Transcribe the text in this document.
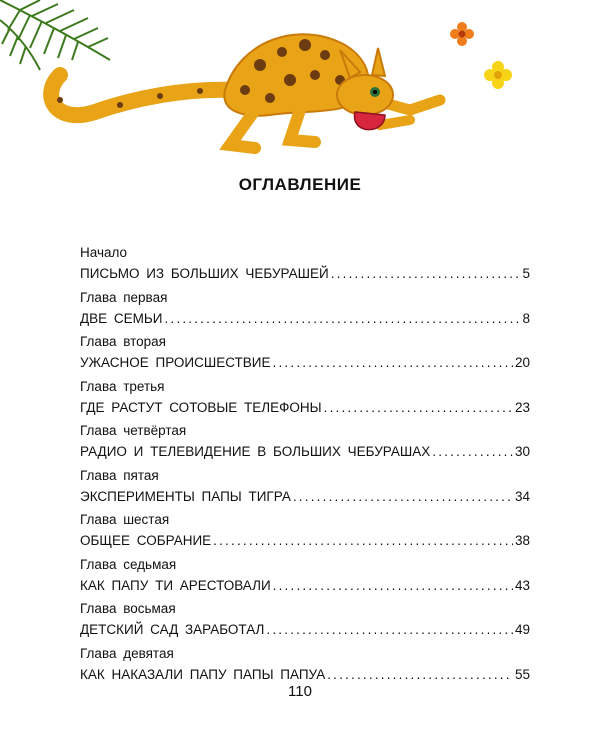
ОГЛАВЛЕНИЕ
Начало
ПИСЬМО ИЗ БОЛЬШИХ ЧЕБУРАШЕЙ .....	5
Глава первая
ДВЕ СЕМЬИ .....	8
Глава вторая
УЖАСНОЕ ПРОИСШЕСТВИЕ .....	20
Глава третья
ГДЕ РАСТУТ СОТОВЫЕ ТЕЛЕФОНЫ .....	23
Глава четвёртая
РАДИО И ТЕЛЕВИДЕНИЕ В БОЛЬШИХ ЧЕБУРАШАХ .....	30
Глава пятая
ЭКСПЕРИМЕНТЫ ПАПЫ ТИГРА .....	34
Глава шестая
ОБЩЕЕ СОБРАНИЕ .....	38
Глава седьмая
КАК ПАПУ ТИ АРЕСТОВАЛИ .....	43
Глава восьмая
ДЕТСКИЙ САД ЗАРАБОТАЛ .....	49
Глава девятая
КАК НАКАЗАЛИ ПАПУ ПАПЫ ПАПУА .....	55
110
